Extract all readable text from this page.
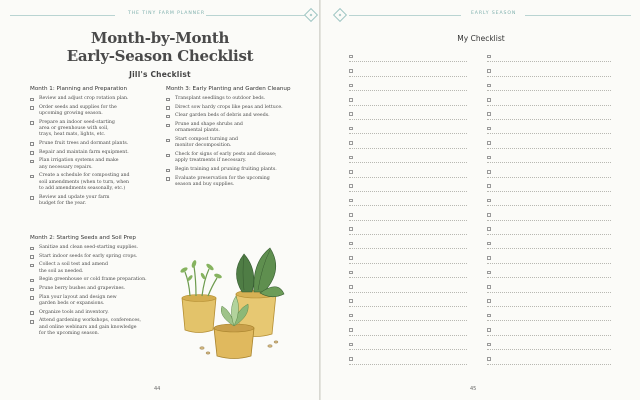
THE TINY FARM PLANNER
Month-by-Month
Early-Season Checklist
Jill's Checklist
Month 1: Planning and Preparation
Review and adjust crop rotation plan.
Order seeds and supplies for the
upcoming growing season.
Prepare an indoor seed-starting
area or greenhouse with soil,
trays, heat mats, lights, etc.
Prune fruit trees and dormant plants.
Repair and maintain farm equipment.
Plan irrigation systems and make
any necessary repairs.
Create a schedule for composting and
soil amendments (when to turn, when
to add amendments seasonally, etc.)
Review and update your farm
budget for the year.
Month 2: Starting Seeds and Soil Prep
Sanitize and clean seed-starting supplies.
Start indoor seeds for early spring crops.
Collect a soil test and amend
the soil as needed.
Begin greenhouse or cold frame preparation.
Prune berry bushes and grapevines.
Plan your layout and design new
garden beds or expansions.
Organize tools and inventory.
Attend gardening workshops, conferences,
and online webinars and gain knowledge
for the upcoming season.
Month 3: Early Planting and Garden Cleanup
Transplant seedlings to outdoor beds.
Direct sow hardy crops like peas and lettuce.
Clear garden beds of debris and weeds.
Prune and shape shrubs and
ornamental plants.
Start compost turning and
monitor decomposition.
Check for signs of early pests and disease;
apply treatments if necessary.
Begin training and pruning fruiting plants.
Evaluate preservation for the upcoming
season and buy supplies.
44
EARLY SEASON
My Checklist
45
